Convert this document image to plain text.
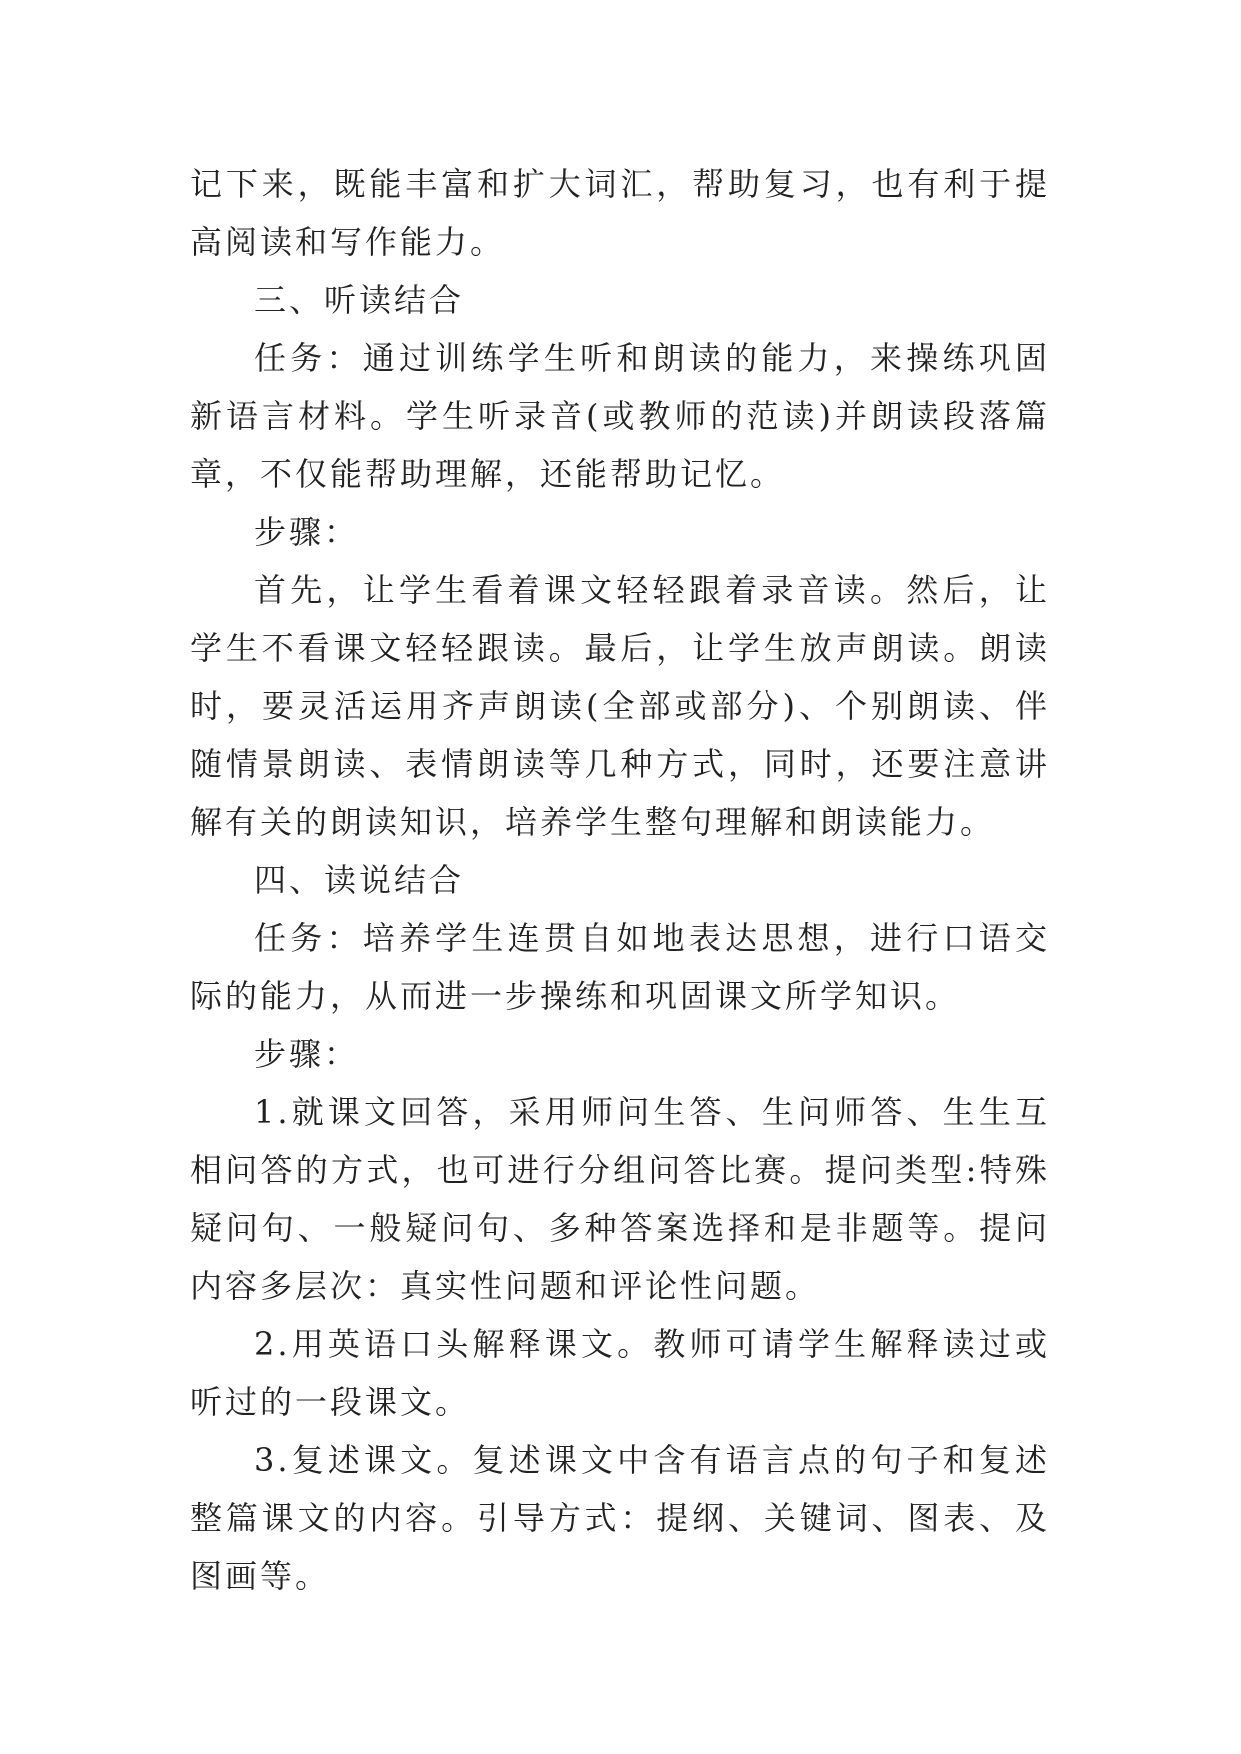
记下来，既能丰富和扩大词汇，帮助复习，也有利于提高阅读和写作能力。

三、听读结合

任务：通过训练学生听和朗读的能力，来操练巩固新语言材料。学生听录音(或教师的范读)并朗读段落篇章，不仅能帮助理解，还能帮助记忆。

步骤：

首先，让学生看着课文轻轻跟着录音读。然后，让学生不看课文轻轻跟读。最后，让学生放声朗读。朗读时，要灵活运用齐声朗读(全部或部分)、个别朗读、伴随情景朗读、表情朗读等几种方式，同时，还要注意讲解有关的朗读知识，培养学生整句理解和朗读能力。

四、读说结合

任务：培养学生连贯自如地表达思想，进行口语交际的能力，从而进一步操练和巩固课文所学知识。

步骤：

1.就课文回答，采用师问生答、生问师答、生生互相问答的方式，也可进行分组问答比赛。提问类型:特殊疑问句、一般疑问句、多种答案选择和是非题等。提问内容多层次：真实性问题和评论性问题。

2.用英语口头解释课文。教师可请学生解释读过或听过的一段课文。

3.复述课文。复述课文中含有语言点的句子和复述整篇课文的内容。引导方式：提纲、关键词、图表、及图画等。
